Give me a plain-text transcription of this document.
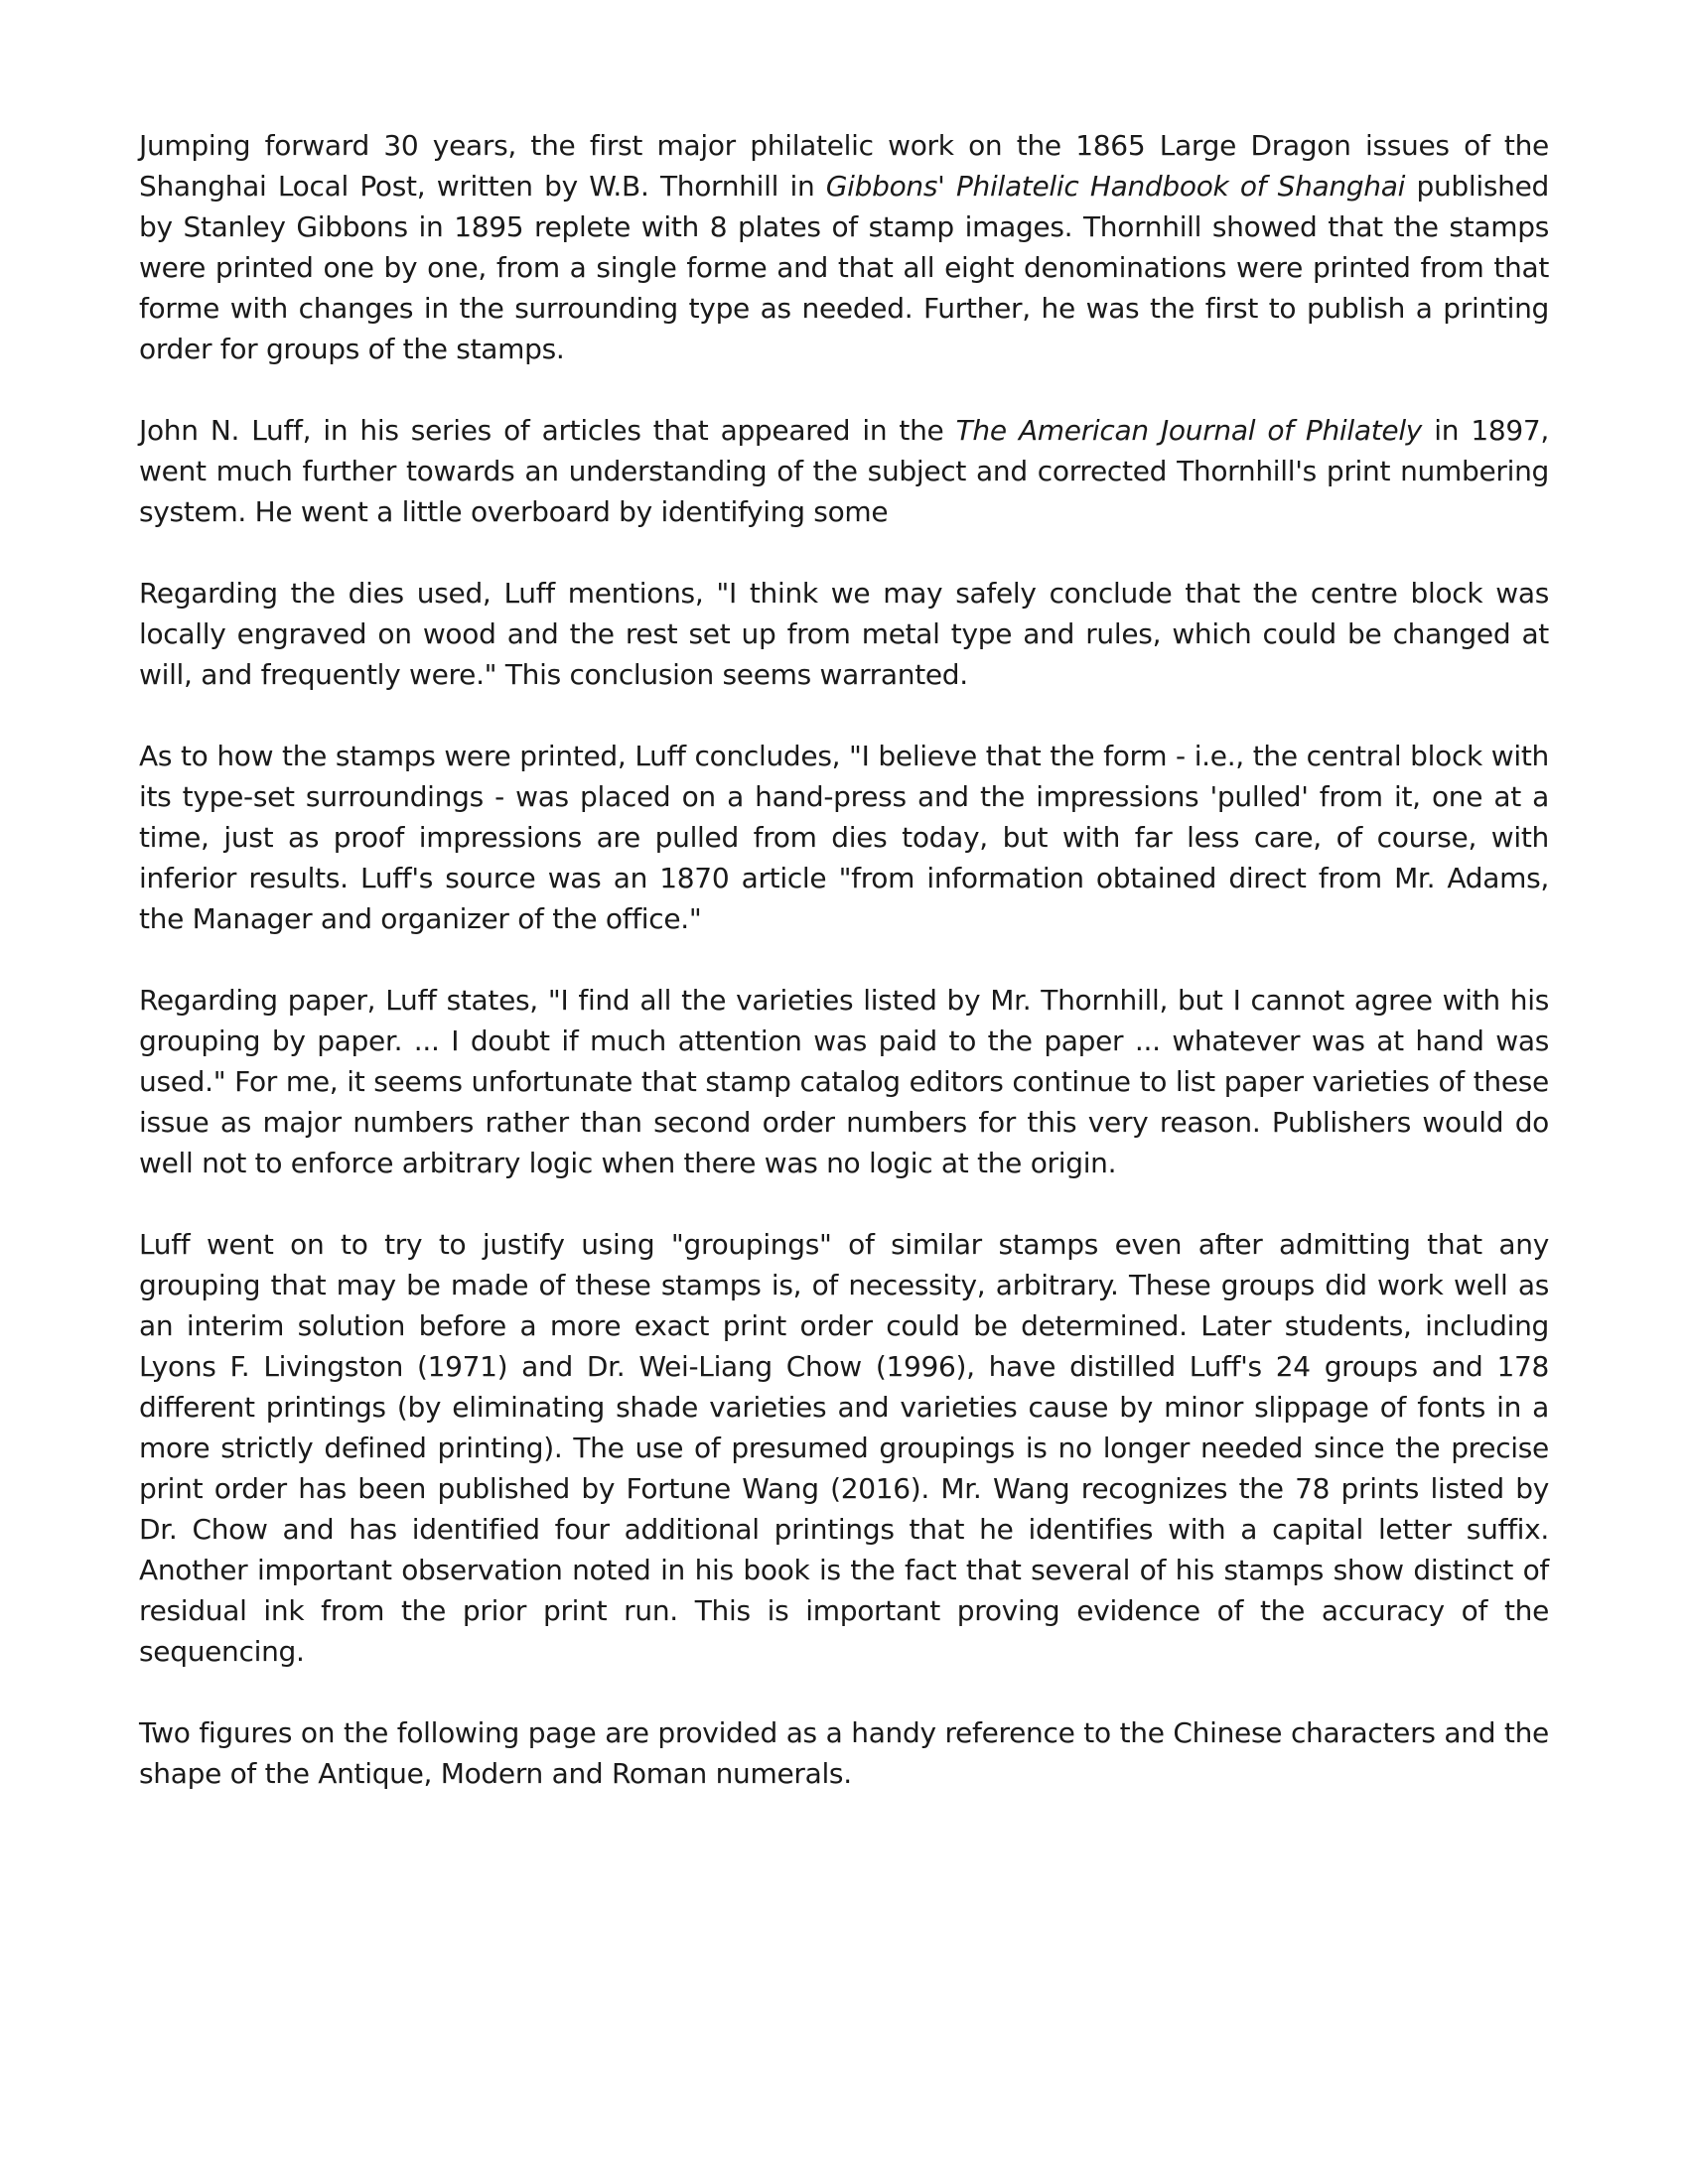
Jumping forward 30 years, the first major philatelic work on the 1865 Large Dragon issues of the Shanghai Local Post, written by W.B. Thornhill in Gibbons' Philatelic Handbook of Shanghai published by Stanley Gibbons in 1895 replete with 8 plates of stamp images. Thornhill showed that the stamps were printed one by one, from a single forme and that all eight denominations were printed from that forme with changes in the surrounding type as needed. Further, he was the first to publish a printing order for groups of the stamps.

John N. Luff, in his series of articles that appeared in the The American Journal of Philately in 1897, went much further towards an understanding of the subject and corrected Thornhill's print numbering system. He went a little overboard by identifying some

Regarding the dies used, Luff mentions, "I think we may safely conclude that the centre block was locally engraved on wood and the rest set up from metal type and rules, which could be changed at will, and frequently were." This conclusion seems warranted.

As to how the stamps were printed, Luff concludes, "I believe that the form - i.e., the central block with its type-set surroundings - was placed on a hand-press and the impressions 'pulled' from it, one at a time, just as proof impressions are pulled from dies today, but with far less care, of course, with inferior results. Luff's source was an 1870 article "from information obtained direct from Mr. Adams, the Manager and organizer of the office."

Regarding paper, Luff states, "I find all the varieties listed by Mr. Thornhill, but I cannot agree with his grouping by paper. ... I doubt if much attention was paid to the paper ... whatever was at hand was used." For me, it seems unfortunate that stamp catalog editors continue to list paper varieties of these issue as major numbers rather than second order numbers for this very reason. Publishers would do well not to enforce arbitrary logic when there was no logic at the origin.

Luff went on to try to justify using "groupings" of similar stamps even after admitting that any grouping that may be made of these stamps is, of necessity, arbitrary. These groups did work well as an interim solution before a more exact print order could be determined. Later students, including Lyons F. Livingston (1971) and Dr. Wei-Liang Chow (1996), have distilled Luff's 24 groups and 178 different printings (by eliminating shade varieties and varieties cause by minor slippage of fonts in a more strictly defined printing). The use of presumed groupings is no longer needed since the precise print order has been published by Fortune Wang (2016). Mr. Wang recognizes the 78 prints listed by Dr. Chow and has identified four additional printings that he identifies with a capital letter suffix. Another important observation noted in his book is the fact that several of his stamps show distinct of residual ink from the prior print run. This is important proving evidence of the accuracy of the sequencing.

Two figures on the following page are provided as a handy reference to the Chinese characters and the shape of the Antique, Modern and Roman numerals.
